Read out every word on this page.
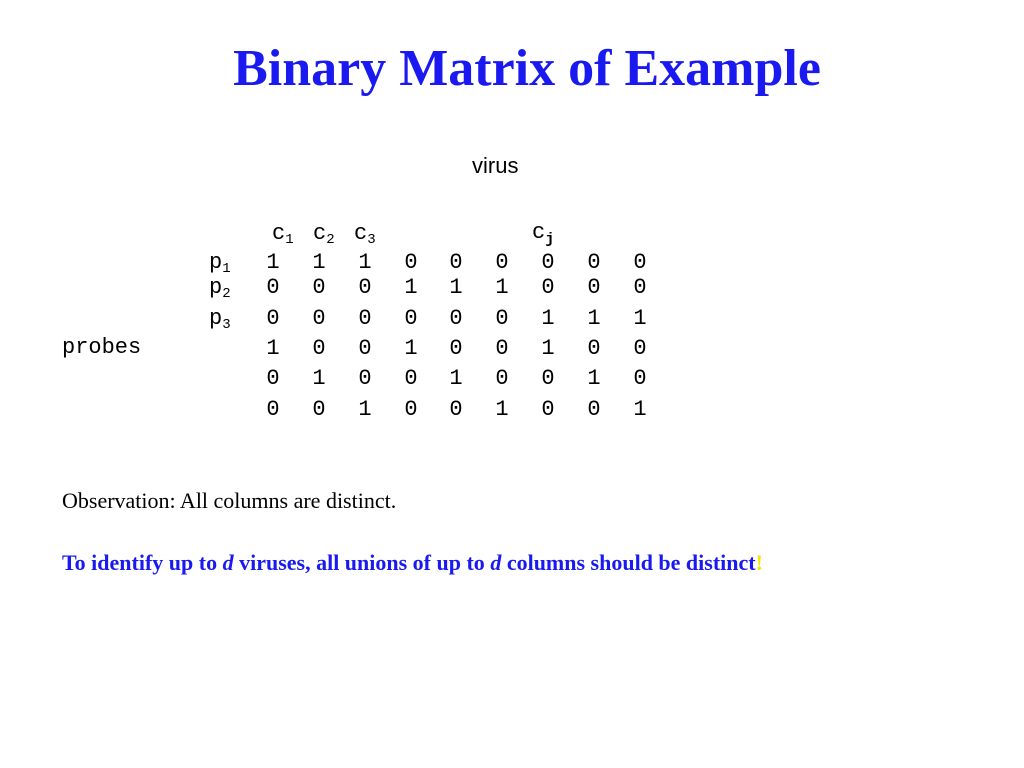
Binary Matrix of Example
virus
c1 c2 c3	$c_j$
p1
p2
p3
probes
1 1 1 0 0 0 0 0 0
0 0 0 1 1 1 0 0 0
0 0 0 0 0 0 1 1 1
1 0 0 1 0 0 1 0 0
0 1 0 0 1 0 0 1 0
0 0 1 0 0 1 0 0 1
Observation: All columns are distinct.
To identify up to d viruses, all unions of up to d columns should be distinct!
